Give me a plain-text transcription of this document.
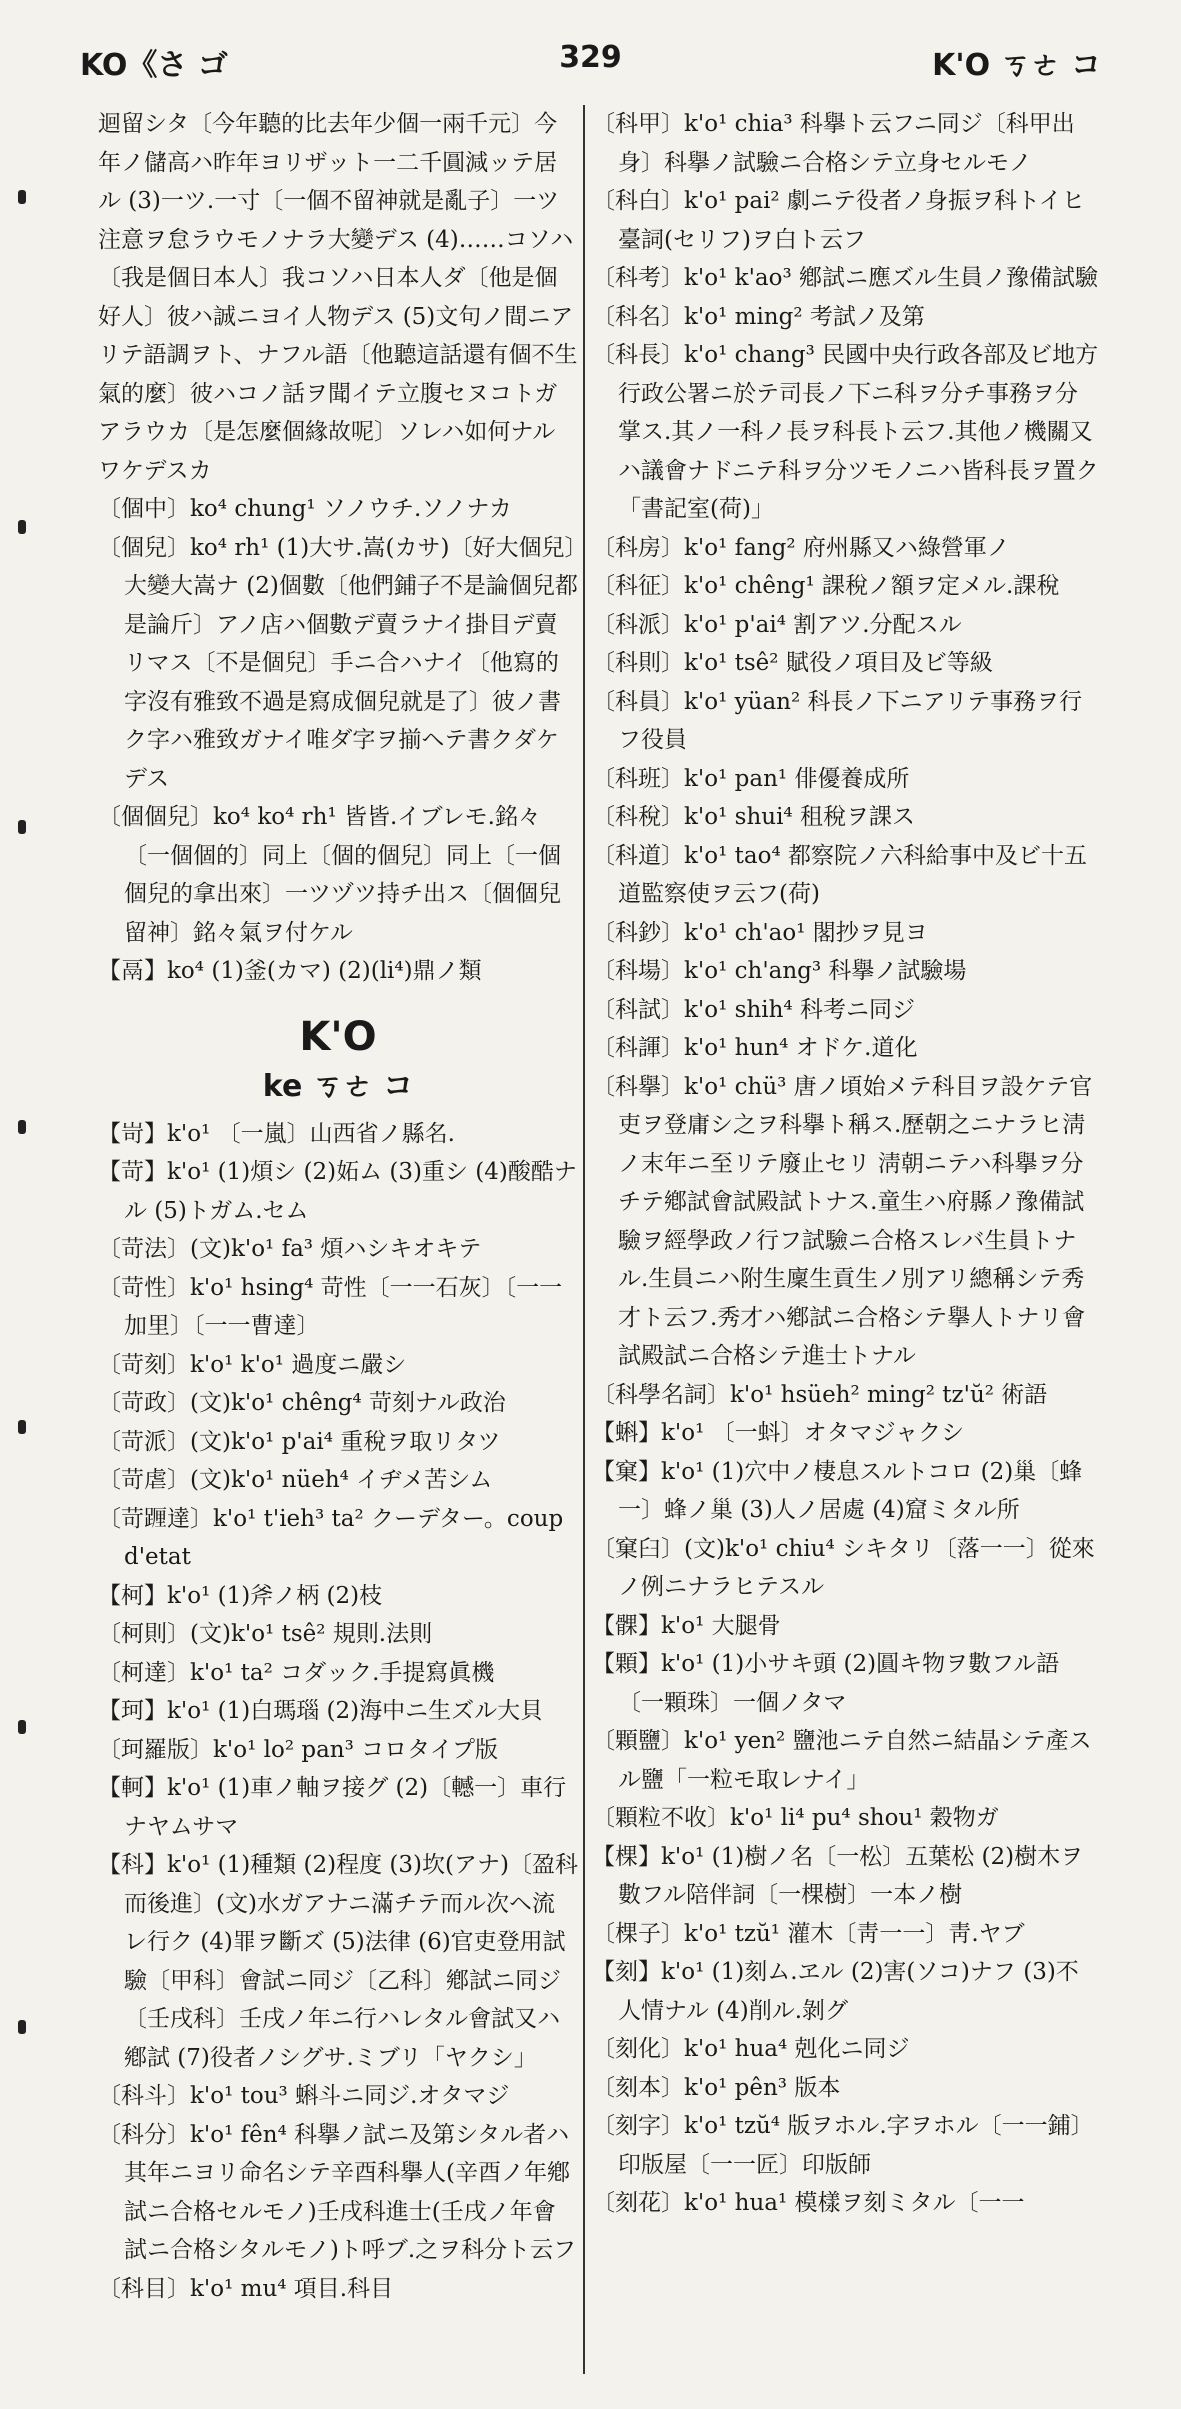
KO《さ ゴ	329	K'O ㄎㄜ コ
迴留シタ〔今年聽的比去年少個一兩千元〕今年ノ儲高ハ昨年ヨリザット一二千圓減ッテ居ル (3)一ツ.一寸〔一個不留神就是亂子〕一ツ注意ヲ怠ラウモノナラ大變デス (4)……コソハ〔我是個日本人〕我コソハ日本人ダ〔他是個好人〕彼ハ誠ニヨイ人物デス (5)文句ノ間ニアリテ語調ヲト、ナフル語〔他聽這話還有個不生氣的麼〕彼ハコノ話ヲ聞イテ立腹セヌコトガアラウカ〔是怎麼個緣故呢〕ソレハ如何ナルワケデスカ
〔個中〕ko⁴ chung¹ ソノウチ.ソノナカ
〔個兒〕ko⁴ rh¹ (1)大サ.嵩(カサ)〔好大個兒〕大變大嵩ナ (2)個數〔他們鋪子不是論個兒都是論斤〕アノ店ハ個數デ賣ラナイ掛目デ賣リマス〔不是個兒〕手ニ合ハナイ〔他寫的字沒有雅致不過是寫成個兒就是了〕彼ノ書ク字ハ雅致ガナイ唯ダ字ヲ揃ヘテ書クダケデス
〔個個兒〕ko⁴ ko⁴ rh¹ 皆皆.イブレモ.銘々〔一個個的〕同上〔個的個兒〕同上〔一個個兒的拿出來〕一ツヅツ持チ出ス〔個個兒留神〕銘々氣ヲ付ケル
【鬲】ko⁴ (1)釜(カマ) (2)(li⁴)鼎ノ類
K'O
ke ㄎㄜ コ
【岢】k'o¹ 〔一嵐〕山西省ノ縣名.
【苛】k'o¹ (1)煩シ (2)妬ム (3)重シ (4)酸酷ナル (5)トガム.セム
〔苛法〕(文)k'o¹ fa³ 煩ハシキオキテ
〔苛性〕k'o¹ hsing⁴ 苛性〔一一石灰〕〔一一加里〕〔一一曹達〕
〔苛刻〕k'o¹ k'o¹ 過度ニ嚴シ
〔苛政〕(文)k'o¹ chêng⁴ 苛刻ナル政治
〔苛派〕(文)k'o¹ p'ai⁴ 重稅ヲ取リタツ
〔苛虐〕(文)k'o¹ nüeh⁴ イヂメ苦シム
〔苛𨂷達〕k'o¹ t'ieh³ ta² クーデター。coup d'etat
【柯】k'o¹ (1)斧ノ柄 (2)枝
〔柯則〕(文)k'o¹ tsê² 規則.法則
〔柯達〕k'o¹ ta² コダック.手提寫眞機
【珂】k'o¹ (1)白瑪瑙 (2)海中ニ生ズル大貝
〔珂羅版〕k'o¹ lo² pan³ コロタイプ版
【軻】k'o¹ (1)車ノ軸ヲ接グ (2)〔轗一〕車行ナヤムサマ
【科】k'o¹ (1)種類 (2)程度 (3)坎(アナ)〔盈科而後進〕(文)水ガアナニ滿チテ而ル次ヘ流レ行ク (4)罪ヲ斷ズ (5)法律 (6)官吏登用試驗〔甲科〕會試ニ同ジ〔乙科〕鄕試ニ同ジ〔壬戌科〕壬戌ノ年ニ行ハレタル會試又ハ鄕試 (7)役者ノシグサ.ミブリ「ヤクシ」
〔科斗〕k'o¹ tou³ 蝌斗ニ同ジ.オタマジ
〔科分〕k'o¹ fên⁴ 科擧ノ試ニ及第シタル者ハ其年ニヨリ命名シテ辛酉科擧人(辛酉ノ年鄕試ニ合格セルモノ)壬戌科進士(壬戌ノ年會試ニ合格シタルモノ)ト呼ブ.之ヲ科分ト云フ
〔科目〕k'o¹ mu⁴ 項目.科目
〔科甲〕k'o¹ chia³ 科擧ト云フニ同ジ〔科甲出身〕科擧ノ試驗ニ合格シテ立身セルモノ
〔科白〕k'o¹ pai² 劇ニテ役者ノ身振ヲ科トイヒ臺詞(セリフ)ヲ白ト云フ
〔科考〕k'o¹ k'ao³ 鄕試ニ應ズル生員ノ豫備試驗
〔科名〕k'o¹ ming² 考試ノ及第
〔科長〕k'o¹ chang³ 民國中央行政各部及ビ地方行政公署ニ於テ司長ノ下ニ科ヲ分チ事務ヲ分掌ス.其ノ一科ノ長ヲ科長ト云フ.其他ノ機關又ハ議會ナドニテ科ヲ分ツモノニハ皆科長ヲ置ク「書記室(荷)」
〔科房〕k'o¹ fang² 府州縣又ハ綠營軍ノ
〔科征〕k'o¹ chêng¹ 課稅ノ額ヲ定メル.課稅
〔科派〕k'o¹ p'ai⁴ 割アツ.分配スル
〔科則〕k'o¹ tsê² 賦役ノ項目及ビ等級
〔科員〕k'o¹ yüan² 科長ノ下ニアリテ事務ヲ行フ役員
〔科班〕k'o¹ pan¹ 俳優養成所
〔科稅〕k'o¹ shui⁴ 租稅ヲ課ス
〔科道〕k'o¹ tao⁴ 都察院ノ六科給事中及ビ十五道監察使ヲ云フ(荷)
〔科鈔〕k'o¹ ch'ao¹ 閣抄ヲ見ヨ
〔科場〕k'o¹ ch'ang³ 科擧ノ試驗場
〔科試〕k'o¹ shih⁴ 科考ニ同ジ
〔科諢〕k'o¹ hun⁴ オドケ.道化
〔科擧〕k'o¹ chü³ 唐ノ頃始メテ科目ヲ設ケテ官吏ヲ登庸シ之ヲ科擧ト稱ス.歷朝之ニナラヒ淸ノ末年ニ至リテ廢止セリ 淸朝ニテハ科擧ヲ分チテ鄕試會試殿試トナス.童生ハ府縣ノ豫備試驗ヲ經學政ノ行フ試驗ニ合格スレバ生員トナル.生員ニハ附生廩生貢生ノ別アリ總稱シテ秀才ト云フ.秀才ハ鄕試ニ合格シテ擧人トナリ會試殿試ニ合格シテ進士トナル
〔科學名詞〕k'o¹ hsüeh² ming² tz'ŭ² 術語
【蝌】k'o¹ 〔一蚪〕オタマジャクシ
【窠】k'o¹ (1)穴中ノ棲息スルトコロ (2)巢〔蜂一〕蜂ノ巢 (3)人ノ居處 (4)窟ミタル所
〔窠臼〕(文)k'o¹ chiu⁴ シキタリ〔落一一〕從來ノ例ニナラヒテスル
【髁】k'o¹ 大腿骨
【顆】k'o¹ (1)小サキ頭 (2)圓キ物ヲ數フル語〔一顆珠〕一個ノタマ
〔顆鹽〕k'o¹ yen² 鹽池ニテ自然ニ結晶シテ產スル鹽「一粒モ取レナイ」
〔顆粒不收〕k'o¹ li⁴ pu⁴ shou¹ 穀物ガ
【棵】k'o¹ (1)樹ノ名〔一松〕五葉松 (2)樹木ヲ數フル陪伴詞〔一棵樹〕一本ノ樹
〔棵子〕k'o¹ tzŭ¹ 灌木〔靑一一〕靑.ヤブ
【刻】k'o¹ (1)刻ム.ヱル (2)害(ソコ)ナフ (3)不人情ナル (4)削ル.剝グ
〔刻化〕k'o¹ hua⁴ 剋化ニ同ジ
〔刻本〕k'o¹ pên³ 版本
〔刻字〕k'o¹ tzŭ⁴ 版ヲホル.字ヲホル〔一一鋪〕印版屋〔一一匠〕印版師
〔刻花〕k'o¹ hua¹ 模樣ヲ刻ミタル〔一一
